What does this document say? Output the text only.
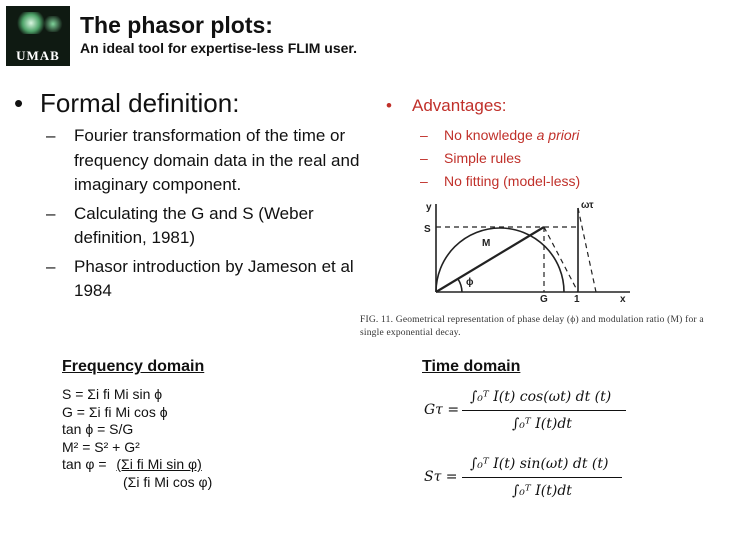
UMAB
The phasor plots:
An ideal tool for expertise-less FLIM user.
• Formal definition:
– Fourier transformation of the time or frequency domain data in the real and imaginary component.
– Calculating the G and S (Weber definition, 1981)
– Phasor introduction by Jameson et al 1984
• Advantages:
– No knowledge a priori
– Simple rules
– No fitting (model-less)
y
S
M
ϕ
G	1	x
ωτ
FIG. 11. Geometrical representation of phase delay (ϕ) and modulation ratio (M) for a single exponential decay.
Frequency domain
S = Σi fi Mi sin ϕ
G = Σi fi Mi cos ϕ
tan ϕ = S/G
M² = S² + G²
tan φ = (Σi fi Mi sin φ)
(Σi fi Mi cos φ)
Time domain
Gτ =
∫₀ᵀ I(t) cos(ωt) dt (t)
∫₀ᵀ I(t)dt
Sτ =
∫₀ᵀ I(t) sin(ωt) dt (t)
∫₀ᵀ I(t)dt
